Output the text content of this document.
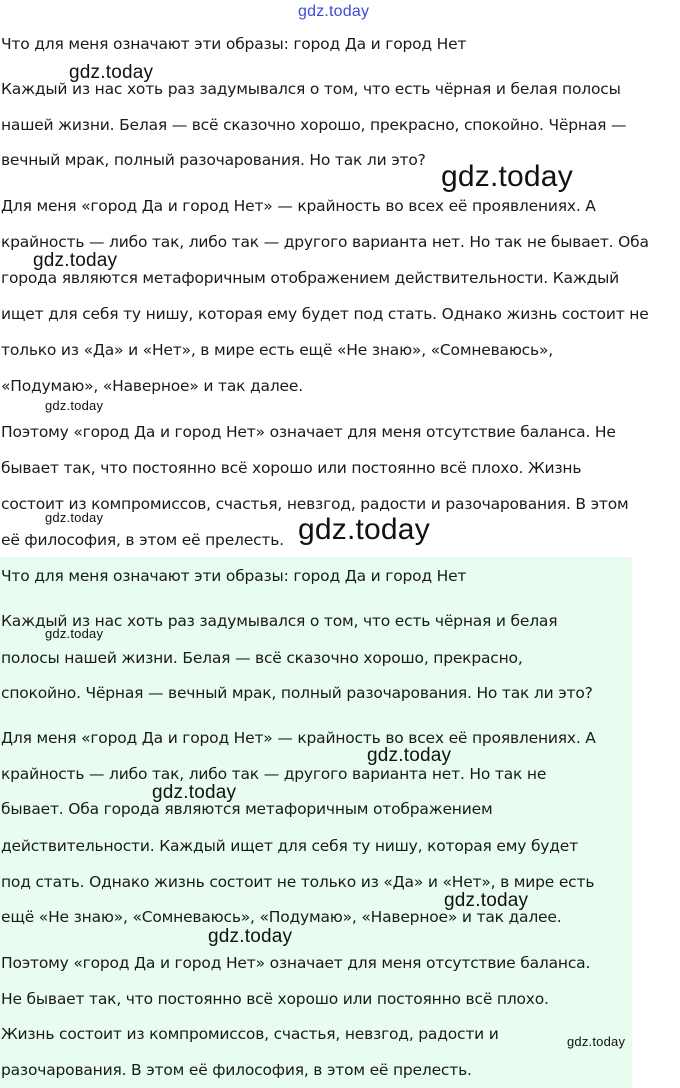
Что для меня означают эти образы: город Да и город Нет
Каждый из нас хоть раз задумывался о том, что есть чёрная и белая полосы
нашей жизни. Белая — всё сказочно хорошо, прекрасно, спокойно. Чёрная —
вечный мрак, полный разочарования. Но так ли это?
Для меня «город Да и город Нет» — крайность во всех её проявлениях. А
крайность — либо так, либо так — другого варианта нет. Но так не бывает. Оба
города являются метафоричным отображением действительности. Каждый
ищет для себя ту нишу, которая ему будет под стать. Однако жизнь состоит не
только из «Да» и «Нет», в мире есть ещё «Не знаю», «Сомневаюсь»,
«Подумаю», «Наверное» и так далее.
Поэтому «город Да и город Нет» означает для меня отсутствие баланса. Не
бывает так, что постоянно всё хорошо или постоянно всё плохо. Жизнь
состоит из компромиссов, счастья, невзгод, радости и разочарования. В этом
её философия, в этом её прелесть.
Что для меня означают эти образы: город Да и город Нет
Каждый из нас хоть раз задумывался о том, что есть чёрная и белая
полосы нашей жизни. Белая — всё сказочно хорошо, прекрасно,
спокойно. Чёрная — вечный мрак, полный разочарования. Но так ли это?
Для меня «город Да и город Нет» — крайность во всех её проявлениях. А
крайность — либо так, либо так — другого варианта нет. Но так не
бывает. Оба города являются метафоричным отображением
действительности. Каждый ищет для себя ту нишу, которая ему будет
под стать. Однако жизнь состоит не только из «Да» и «Нет», в мире есть
ещё «Не знаю», «Сомневаюсь», «Подумаю», «Наверное» и так далее.
Поэтому «город Да и город Нет» означает для меня отсутствие баланса.
Не бывает так, что постоянно всё хорошо или постоянно всё плохо.
Жизнь состоит из компромиссов, счастья, невзгод, радости и
разочарования. В этом её философия, в этом её прелесть.
gdz.today
gdz.today
gdz.today
gdz.today
gdz.today
gdz.today	gdz.today
gdz.today
gdz.today
gdz.today
gdz.today
gdz.today
gdz.today
